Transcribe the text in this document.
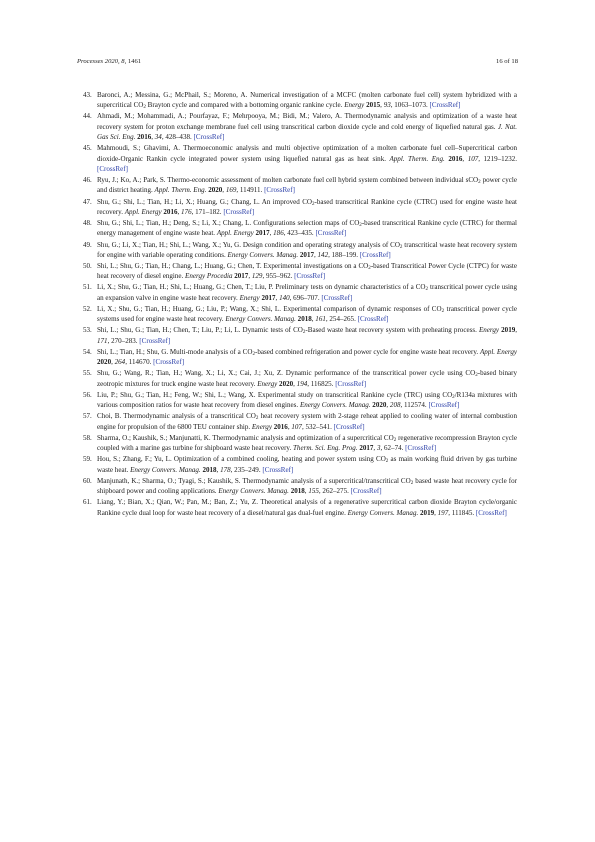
Processes 2020, 8, 1461	16 of 18
43. Baronci, A.; Messina, G.; McPhail, S.; Moreno, A. Numerical investigation of a MCFC (molten carbonate fuel cell) system hybridized with a supercritical $CO_2$ Brayton cycle and compared with a bottoming organic rankine cycle. Energy 2015, 93, 1063–1073. [CrossRef]
44. Ahmadi, M.; Mohammadi, A.; Pourfayaz, F.; Mehrpooya, M.; Bidi, M.; Valero, A. Thermodynamic analysis and optimization of a waste heat recovery system for proton exchange membrane fuel cell using transcritical carbon dioxide cycle and cold energy of liquefied natural gas. J. Nat. Gas Sci. Eng. 2016, 34, 428–438. [CrossRef]
45. Mahmoudi, S.; Ghavimi, A. Thermoeconomic analysis and multi objective optimization of a molten carbonate fuel cell–Supercritical carbon dioxide-Organic Rankin cycle integrated power system using liquefied natural gas as heat sink. Appl. Therm. Eng. 2016, 107, 1219–1232. [CrossRef]
46. Ryu, J.; Ko, A.; Park, S. Thermo-economic assessment of molten carbonate fuel cell hybrid system combined between individual sCO$_2$ power cycle and district heating. Appl. Therm. Eng. 2020, 169, 114911. [CrossRef]
47. Shu, G.; Shi, L.; Tian, H.; Li, X.; Huang, G.; Chang, L. An improved $CO_2$-based transcritical Rankine cycle (CTRC) used for engine waste heat recovery. Appl. Energy 2016, 176, 171–182. [CrossRef]
48. Shu, G.; Shi, L.; Tian, H.; Deng, S.; Li, X.; Chang, L. Configurations selection maps of $CO_2$-based transcritical Rankine cycle (CTRC) for thermal energy management of engine waste heat. Appl. Energy 2017, 186, 423–435. [CrossRef]
49. Shu, G.; Li, X.; Tian, H.; Shi, L.; Wang, X.; Yu, G. Design condition and operating strategy analysis of $CO_2$ transcritical waste heat recovery system for engine with variable operating conditions. Energy Convers. Manag. 2017, 142, 188–199. [CrossRef]
50. Shi, L.; Shu, G.; Tian, H.; Chang, L.; Huang, G.; Chen, T. Experimental investigations on a $CO_2$-based Transcritical Power Cycle (CTPC) for waste heat recovery of diesel engine. Energy Procedia 2017, 129, 955–962. [CrossRef]
51. Li, X.; Shu, G.; Tian, H.; Shi, L.; Huang, G.; Chen, T.; Liu, P. Preliminary tests on dynamic characteristics of a $CO_2$ transcritical power cycle using an expansion valve in engine waste heat recovery. Energy 2017, 140, 696–707. [CrossRef]
52. Li, X.; Shu, G.; Tian, H.; Huang, G.; Liu, P.; Wang, X.; Shi, L. Experimental comparison of dynamic responses of $CO_2$ transcritical power cycle systems used for engine waste heat recovery. Energy Convers. Manag. 2018, 161, 254–265. [CrossRef]
53. Shi, L.; Shu, G.; Tian, H.; Chen, T.; Liu, P.; Li, L. Dynamic tests of $CO_2$-Based waste heat recovery system with preheating process. Energy 2019, 171, 270–283. [CrossRef]
54. Shi, L.; Tian, H.; Shu, G. Multi-mode analysis of a $CO_2$-based combined refrigeration and power cycle for engine waste heat recovery. Appl. Energy 2020, 264, 114670. [CrossRef]
55. Shu, G.; Wang, R.; Tian, H.; Wang, X.; Li, X.; Cai, J.; Xu, Z. Dynamic performance of the transcritical power cycle using $CO_2$-based binary zeotropic mixtures for truck engine waste heat recovery. Energy 2020, 194, 116825. [CrossRef]
56. Liu, P.; Shu, G.; Tian, H.; Feng, W.; Shi, L.; Wang, X. Experimental study on transcritical Rankine cycle (TRC) using $CO_2/R134a$ mixtures with various composition ratios for waste heat recovery from diesel engines. Energy Convers. Manag. 2020, 208, 112574. [CrossRef]
57. Choi, B. Thermodynamic analysis of a transcritical $CO_2$ heat recovery system with 2-stage reheat applied to cooling water of internal combustion engine for propulsion of the 6800 TEU container ship. Energy 2016, 107, 532–541. [CrossRef]
58. Sharma, O.; Kaushik, S.; Manjunatti, K. Thermodynamic analysis and optimization of a supercritical $CO_2$ regenerative recompression Brayton cycle coupled with a marine gas turbine for shipboard waste heat recovery. Therm. Sci. Eng. Prog. 2017, 3, 62–74. [CrossRef]
59. Hou, S.; Zhang, F.; Yu, L. Optimization of a combined cooling, heating and power system using $CO_2$ as main working fluid driven by gas turbine waste heat. Energy Convers. Manag. 2018, 178, 235–249. [CrossRef]
60. Manjunath, K.; Sharma, O.; Tyagi, S.; Kaushik, S. Thermodynamic analysis of a supercritical/transcritical $CO_2$ based waste heat recovery cycle for shipboard power and cooling applications. Energy Convers. Manag. 2018, 155, 262–275. [CrossRef]
61. Liang, Y.; Bian, X.; Qian, W.; Pan, M.; Ban, Z.; Yu, Z. Theoretical analysis of a regenerative supercritical carbon dioxide Brayton cycle/organic Rankine cycle dual loop for waste heat recovery of a diesel/natural gas dual-fuel engine. Energy Convers. Manag. 2019, 197, 111845. [CrossRef]
